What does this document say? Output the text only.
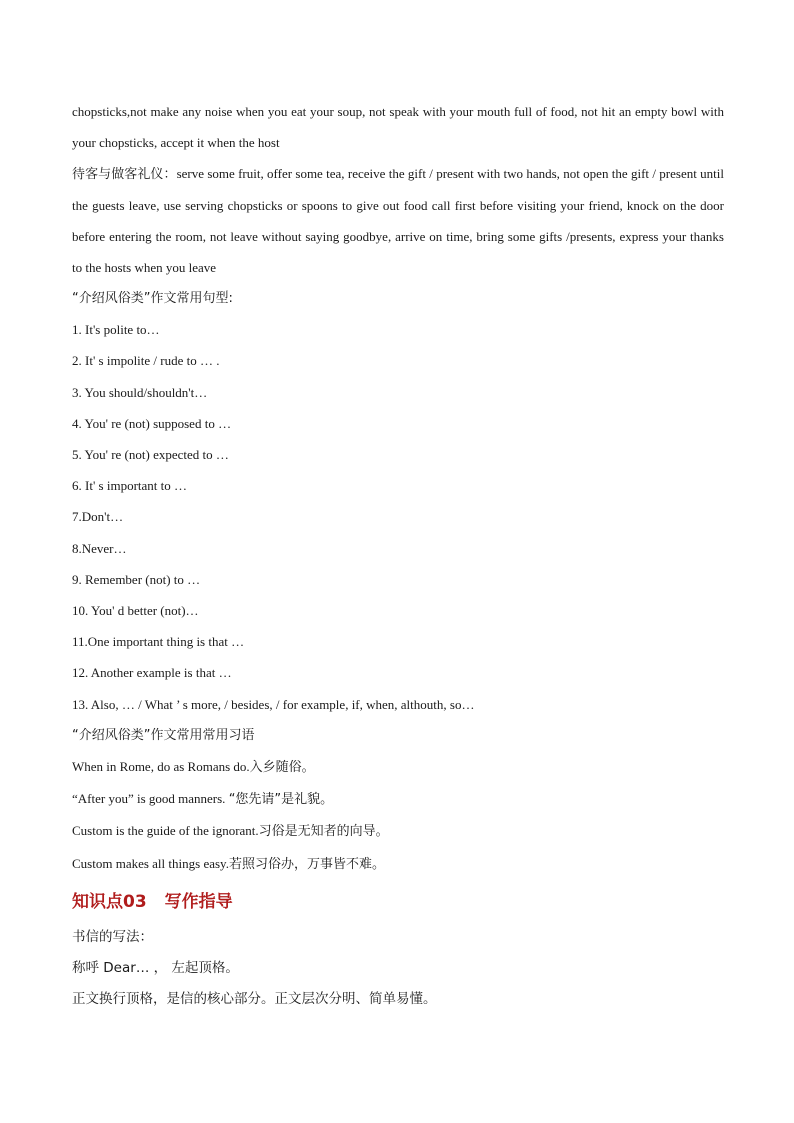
chopsticks,not make any noise when you eat your soup, not speak with your mouth full of food, not hit an empty bowl with your chopsticks, accept it when the host

待客与做客礼仪：serve some fruit, offer some tea, receive the gift / present with two hands, not open the gift / present until the guests leave, use serving chopsticks or spoons to give out food call first before visiting your friend, knock on the door before entering the room, not leave without saying goodbye, arrive on time, bring some gifts /presents, express your thanks to the hosts when you leave

“介绍风俗类”作文常用句型:

1. It's polite to…

2. It' s impolite / rude to … .

3. You should/shouldn't…

4. You' re (not) supposed to …

5. You' re (not) expected to …

6. It' s important to …

7.Don't…

8.Never…

9. Remember (not) to …

10. You' d better (not)…

11.One important thing is that …

12. Another example is that …

13. Also, … / What ’ s more, / besides, / for example, if, when, althouth, so…

“介绍风俗类”作文常用常用习语

When in Rome, do as Romans do.入乡随俗。

“After you” is good manners. “您先请”是礼貌。

Custom is the guide of the ignorant.习俗是无知者的向导。

Custom makes all things easy.若照习俗办，万事皆不难。

知识点03 写作指导

书信的写法：

称呼 Dear… ， 左起顶格。

正文换行顶格，是信的核心部分。正文层次分明、简单易懂。
